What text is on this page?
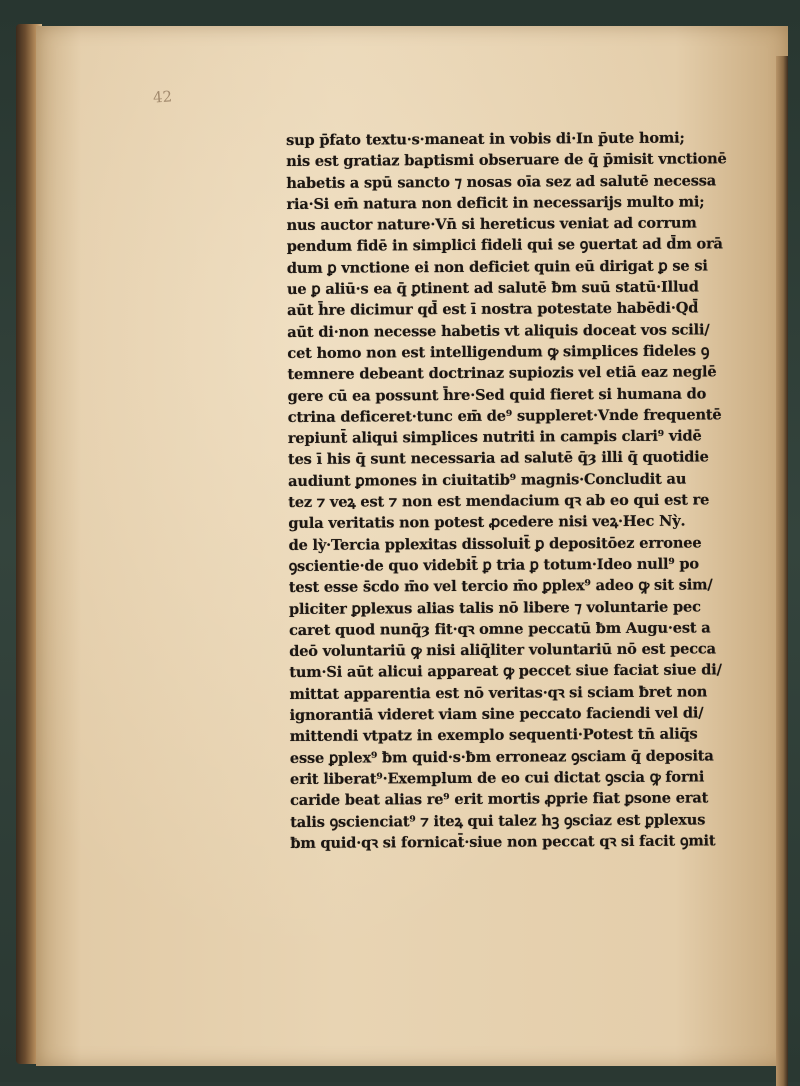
42
sup p̄fato textu·s·maneat in vobis di·In p̄ute homi;
nis est gratiaz baptismi obseruare de q̄ p̄misit vnctionē
habetis a spū sancto ⁊ nosas oīa sez ad salutē necessa
ria·Si em̄ natura non deficit in necessarijs multo mi;
nus auctor nature·Vn̄ si hereticus veniat ad corrum
pendum fidē in simplici fideli qui se ꝯuertat ad d̄m orā
dum ꝑ vnctione ei non deficiet quin eū dirigat ꝑ se si
ue ꝑ aliū·s ea q̄ ꝑtinent ad salutē ƀm suū statū·Illud
aūt h̄re dicimur qd̄ est ī nostra potestate habēdi·Qd̄
aūt di·non necesse habetis vt aliquis doceat vos scili/
cet homo non est intelligendum ꝙ simplices fideles ꝯ
temnere debeant doctrinaz supiozis vel etiā eaz neglē
gere cū ea possunt h̄re·Sed quid fieret si humana do
ctrina deficeret·tunc em̄ de⁹ suppleret·Vnde frequentē
repiunt̄ aliqui simplices nutriti in campis clari⁹ vidē
tes ī his q̄ sunt necessaria ad salutē q̄ȝ illi q̄ quotidie
audiunt ꝑmones in ciuitatib⁹ magnis·Concludit au
tez ⁊ veꝝ est ⁊ non est mendacium qꝛ ab eo qui est re
gula veritatis non potest ꝓcedere nisi veꝝ·Hec Nỳ.
de lỳ·Tercia pplexitas dissoluit̄ ꝑ depositōez erronee
ꝯscientie·de quo videbit̄ ꝑ tria ꝑ totum·Ideo null⁹ po
test esse s̄cdo m̄o vel tercio m̄o ꝑplex⁹ adeo ꝙ sit sim/
pliciter ꝑplexus alias talis nō libere ⁊ voluntarie pec
caret quod nunq̄ȝ fit·qꝛ omne peccatū ƀm Augu·est a
deō voluntariū ꝙ nisi aliq̄liter voluntariū nō est pecca
tum·Si aūt alicui appareat ꝙ peccet siue faciat siue di/
mittat apparentia est nō veritas·qꝛ si sciam ƀret non
ignorantiā videret viam sine peccato faciendi vel di/
mittendi vtpatz in exemplo sequenti·Potest tn̄ aliq̄s
esse ꝑplex⁹ ƀm quid·s·ƀm erroneaz ꝯsciam q̄ deposita
erit liberat⁹·Exemplum de eo cui dictat ꝯscia ꝙ forni
caride beat alias re⁹ erit mortis ꝓprie fiat ꝑsone erat
talis ꝯscienciat⁹ ⁊ iteꝝ qui talez hꝫ ꝯsciaz est ꝑplexus
ƀm quid·qꝛ si fornicat̄·siue non peccat qꝛ si facit ꝯmit
